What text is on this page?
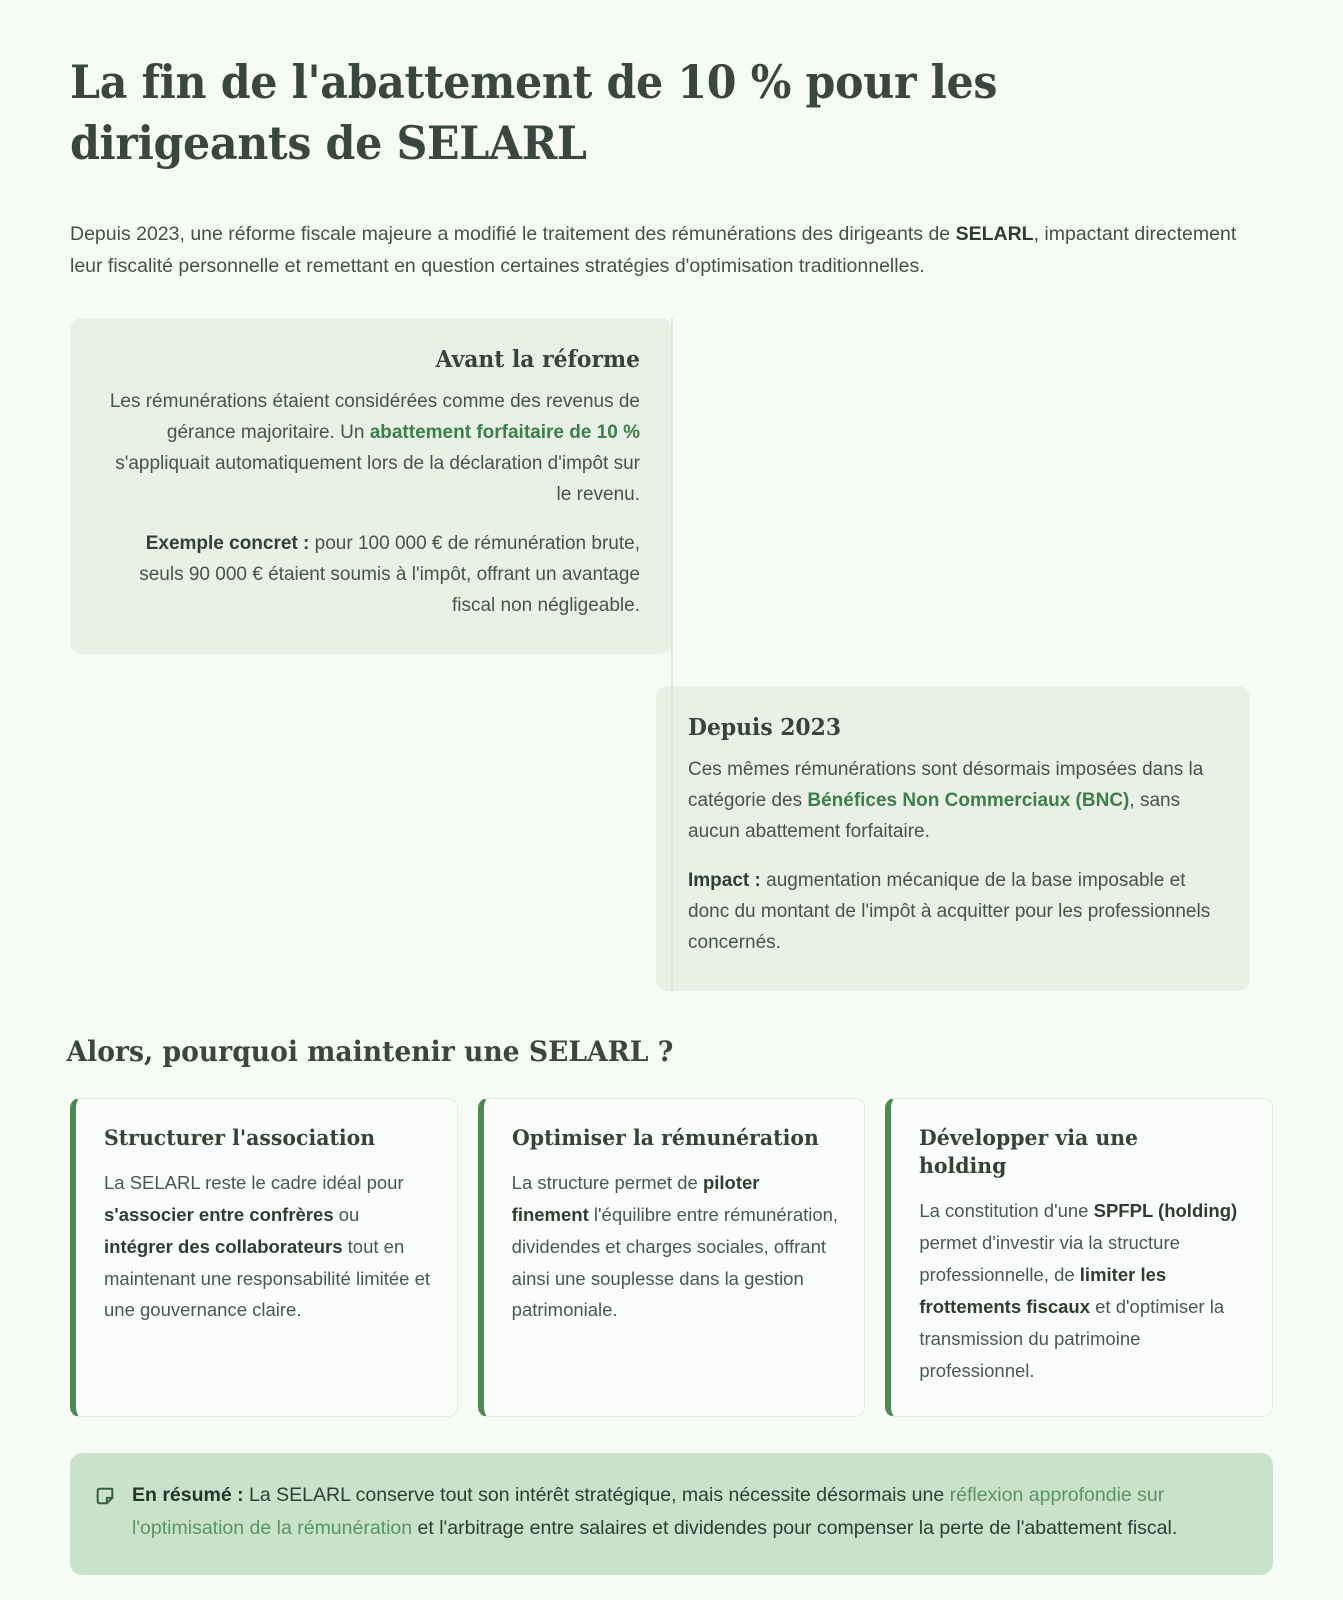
La fin de l'abattement de 10 % pour les dirigeants de SELARL

Depuis 2023, une réforme fiscale majeure a modifié le traitement des rémunérations des dirigeants de SELARL, impactant directement leur fiscalité personnelle et remettant en question certaines stratégies d'optimisation traditionnelles.

Avant la réforme

Les rémunérations étaient considérées comme des revenus de gérance majoritaire. Un abattement forfaitaire de 10 % s'appliquait automatiquement lors de la déclaration d'impôt sur le revenu.

Exemple concret : pour 100 000 € de rémunération brute, seuls 90 000 € étaient soumis à l'impôt, offrant un avantage fiscal non négligeable.

Depuis 2023

Ces mêmes rémunérations sont désormais imposées dans la catégorie des Bénéfices Non Commerciaux (BNC), sans aucun abattement forfaitaire.

Impact : augmentation mécanique de la base imposable et donc du montant de l'impôt à acquitter pour les professionnels concernés.

Alors, pourquoi maintenir une SELARL ?
Structurer l'association

La SELARL reste le cadre idéal pour s'associer entre confrères ou intégrer des collaborateurs tout en maintenant une responsabilité limitée et une gouvernance claire.

Optimiser la rémunération

La structure permet de piloter finement l'équilibre entre rémunération, dividendes et charges sociales, offrant ainsi une souplesse dans la gestion patrimoniale.

Développer via une holding

La constitution d'une SPFPL (holding) permet d'investir via la structure professionnelle, de limiter les frottements fiscaux et d'optimiser la transmission du patrimoine professionnel.

En résumé : La SELARL conserve tout son intérêt stratégique, mais nécessite désormais une réflexion approfondie sur l'optimisation de la rémunération et l'arbitrage entre salaires et dividendes pour compenser la perte de l'abattement fiscal.
